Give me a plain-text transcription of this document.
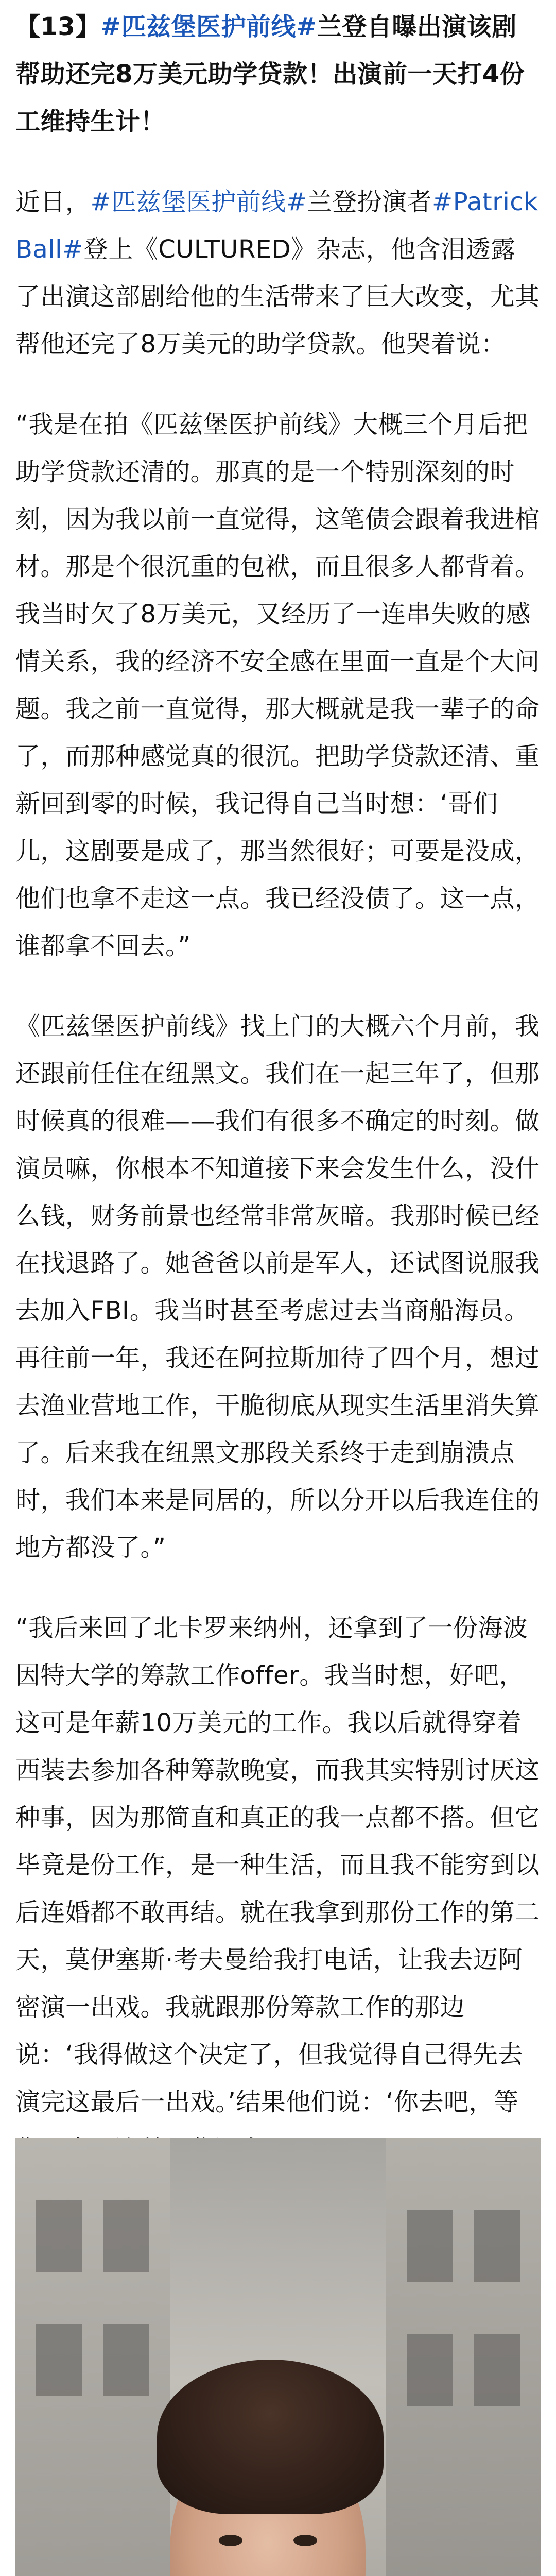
【13】#匹兹堡医护前线#兰登自曝出演该剧帮助还完8万美元助学贷款！出演前一天打4份工维持生计！

近日，#匹兹堡医护前线#兰登扮演者#Patrick Ball#登上《CULTURED》杂志，他含泪透露了出演这部剧给他的生活带来了巨大改变，尤其帮他还完了8万美元的助学贷款。他哭着说：

“我是在拍《匹兹堡医护前线》大概三个月后把助学贷款还清的。那真的是一个特别深刻的时刻，因为我以前一直觉得，这笔债会跟着我进棺材。那是个很沉重的包袱，而且很多人都背着。我当时欠了8万美元，又经历了一连串失败的感情关系，我的经济不安全感在里面一直是个大问题。我之前一直觉得，那大概就是我一辈子的命了，而那种感觉真的很沉。把助学贷款还清、重新回到零的时候，我记得自己当时想：‘哥们儿，这剧要是成了，那当然很好；可要是没成，他们也拿不走这一点。我已经没债了。这一点，谁都拿不回去。”

《匹兹堡医护前线》找上门的大概六个月前，我还跟前任住在纽黑文。我们在一起三年了，但那时候真的很难——我们有很多不确定的时刻。做演员嘛，你根本不知道接下来会发生什么，没什么钱，财务前景也经常非常灰暗。我那时候已经在找退路了。她爸爸以前是军人，还试图说服我去加入FBI。我当时甚至考虑过去当商船海员。再往前一年，我还在阿拉斯加待了四个月，想过去渔业营地工作，干脆彻底从现实生活里消失算了。后来我在纽黑文那段关系终于走到崩溃点时，我们本来是同居的，所以分开以后我连住的地方都没了。”

“我后来回了北卡罗来纳州，还拿到了一份海波因特大学的筹款工作offer。我当时想，好吧，这可是年薪10万美元的工作。我以后就得穿着西装去参加各种筹款晚宴，而我其实特别讨厌这种事，因为那简直和真正的我一点都不搭。但它毕竟是份工作，是一种生活，而且我不能穷到以后连婚都不敢再结。就在我拿到那份工作的第二天，莫伊塞斯·考夫曼给我打电话，让我去迈阿密演一出戏。我就跟那份筹款工作的那边说：‘我得做这个决定了，但我觉得自己得先去演完这最后一出戏。’结果他们说：‘你去吧，等
